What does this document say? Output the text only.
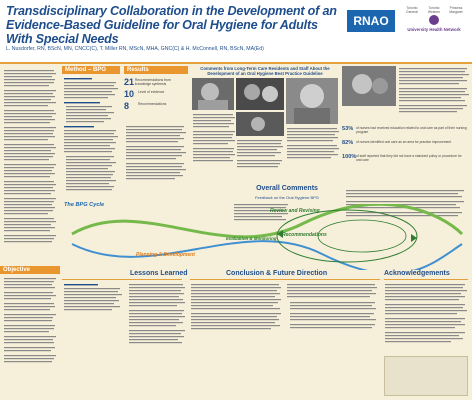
Transdisciplinary Collaboration in the Development of an Evidence-Based Guideline for Oral Hygiene for Adults With Special Needs
L. Nusdorfer, RN, BScN, MN, CNCC(C), T. Miller RN, MScN, MHA, GNC(C) & H. McConnell, RN, BScN, MA(Ed)
RNAO
Toronto General
Toronto Western
Princess Margaret
University Health Network
Objective
Method – BPG	Results
21 Recommendations from knowledge synthesis
10	Level of evidence
8	Recommendations
Comments from Long-Term Care Residents and Staff About the Development of an Oral Hygiene Best Practice Guideline
53% of nurses had received education related to oral care as part of their nursing program
82% of nurses identified oral care as an area for practice improvement
100% of staff reported that they did not have a standard policy or procedure for oral care
Overall Comments
Feedback on the Oral Hygiene BPG
The BPG Cycle
Review and Revising
Recommendations
Evaluation & Monitoring
Planning & Development
Lessons Learned	Conclusion & Future Direction	Acknowledgements
